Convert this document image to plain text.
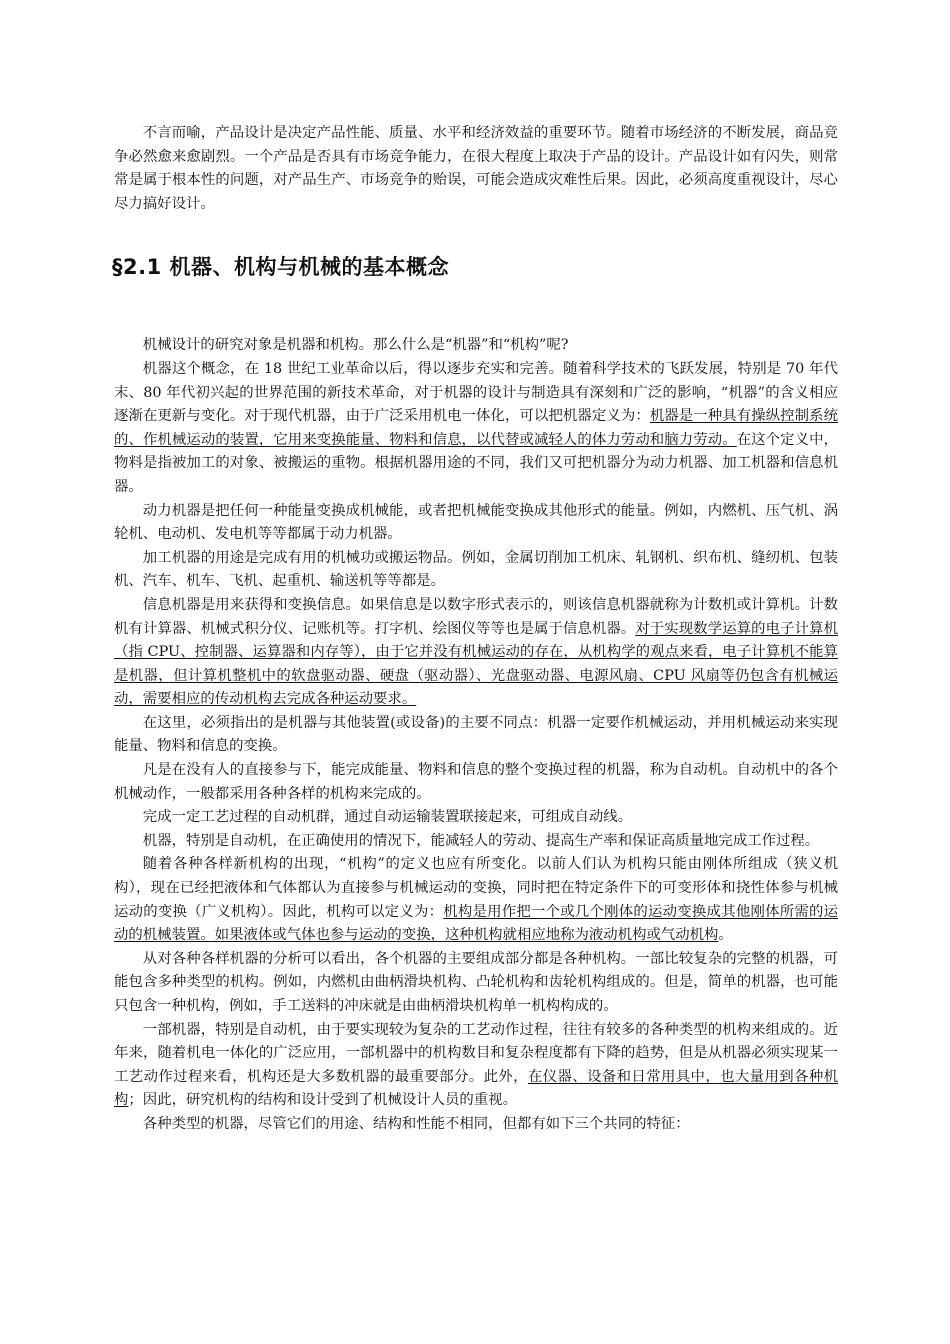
不言而喻，产品设计是决定产品性能、质量、水平和经济效益的重要环节。随着市场经济的不断发展，商品竞争必然愈来愈剧烈。一个产品是否具有市场竞争能力，在很大程度上取决于产品的设计。产品设计如有闪失，则常常是属于根本性的问题，对产品生产、市场竞争的贻误，可能会造成灾难性后果。因此，必须高度重视设计，尽心尽力搞好设计。

§2.1 机器、机构与机械的基本概念

机械设计的研究对象是机器和机构。那么什么是“机器”和“机构”呢?

机器这个概念，在 18 世纪工业革命以后，得以逐步充实和完善。随着科学技术的飞跃发展，特别是 70 年代末、80 年代初兴起的世界范围的新技术革命，对于机器的设计与制造具有深刻和广泛的影响，“机器”的含义相应逐渐在更新与变化。对于现代机器，由于广泛采用机电一体化，可以把机器定义为：机器是一种具有操纵控制系统的、作机械运动的装置，它用来变换能量、物料和信息，以代替或减轻人的体力劳动和脑力劳动。在这个定义中，物料是指被加工的对象、被搬运的重物。根据机器用途的不同，我们又可把机器分为动力机器、加工机器和信息机器。

动力机器是把任何一种能量变换成机械能，或者把机械能变换成其他形式的能量。例如，内燃机、压气机、涡轮机、电动机、发电机等等都属于动力机器。

加工机器的用途是完成有用的机械功或搬运物品。例如，金属切削加工机床、轧钢机、织布机、缝纫机、包装机、汽车、机车、飞机、起重机、输送机等等都是。

信息机器是用来获得和变换信息。如果信息是以数字形式表示的，则该信息机器就称为计数机或计算机。计数机有计算器、机械式积分仪、记账机等。打字机、绘图仪等等也是属于信息机器。对于实现数学运算的电子计算机（指 CPU、控制器、运算器和内存等），由于它并没有机械运动的存在，从机构学的观点来看，电子计算机不能算是机器，但计算机整机中的软盘驱动器、硬盘（驱动器）、光盘驱动器、电源风扇、CPU 风扇等仍包含有机械运动，需要相应的传动机构去完成各种运动要求。

在这里，必须指出的是机器与其他装置(或设备)的主要不同点：机器一定要作机械运动，并用机械运动来实现能量、物料和信息的变换。

凡是在没有人的直接参与下，能完成能量、物料和信息的整个变换过程的机器，称为自动机。自动机中的各个机械动作，一般都采用各种各样的机构来完成的。

完成一定工艺过程的自动机群，通过自动运输装置联接起来，可组成自动线。

机器，特别是自动机，在正确使用的情况下，能减轻人的劳动、提高生产率和保证高质量地完成工作过程。

随着各种各样新机构的出现，“机构”的定义也应有所变化。以前人们认为机构只能由刚体所组成（狭义机构），现在已经把液体和气体都认为直接参与机械运动的变换，同时把在特定条件下的可变形体和挠性体参与机械运动的变换（广义机构）。因此，机构可以定义为：机构是用作把一个或几个刚体的运动变换成其他刚体所需的运动的机械装置。如果液体或气体也参与运动的变换，这种机构就相应地称为液动机构或气动机构。

从对各种各样机器的分析可以看出，各个机器的主要组成部分都是各种机构。一部比较复杂的完整的机器，可能包含多种类型的机构。例如，内燃机由曲柄滑块机构、凸轮机构和齿轮机构组成的。但是，简单的机器，也可能只包含一种机构，例如，手工送料的冲床就是由曲柄滑块机构单一机构构成的。

一部机器，特别是自动机，由于要实现较为复杂的工艺动作过程，往往有较多的各种类型的机构来组成的。近年来，随着机电一体化的广泛应用，一部机器中的机构数目和复杂程度都有下降的趋势，但是从机器必须实现某一工艺动作过程来看，机构还是大多数机器的最重要部分。此外，在仪器、设备和日常用具中，也大量用到各种机构；因此，研究机构的结构和设计受到了机械设计人员的重视。

各种类型的机器，尽管它们的用途、结构和性能不相同，但都有如下三个共同的特征：
